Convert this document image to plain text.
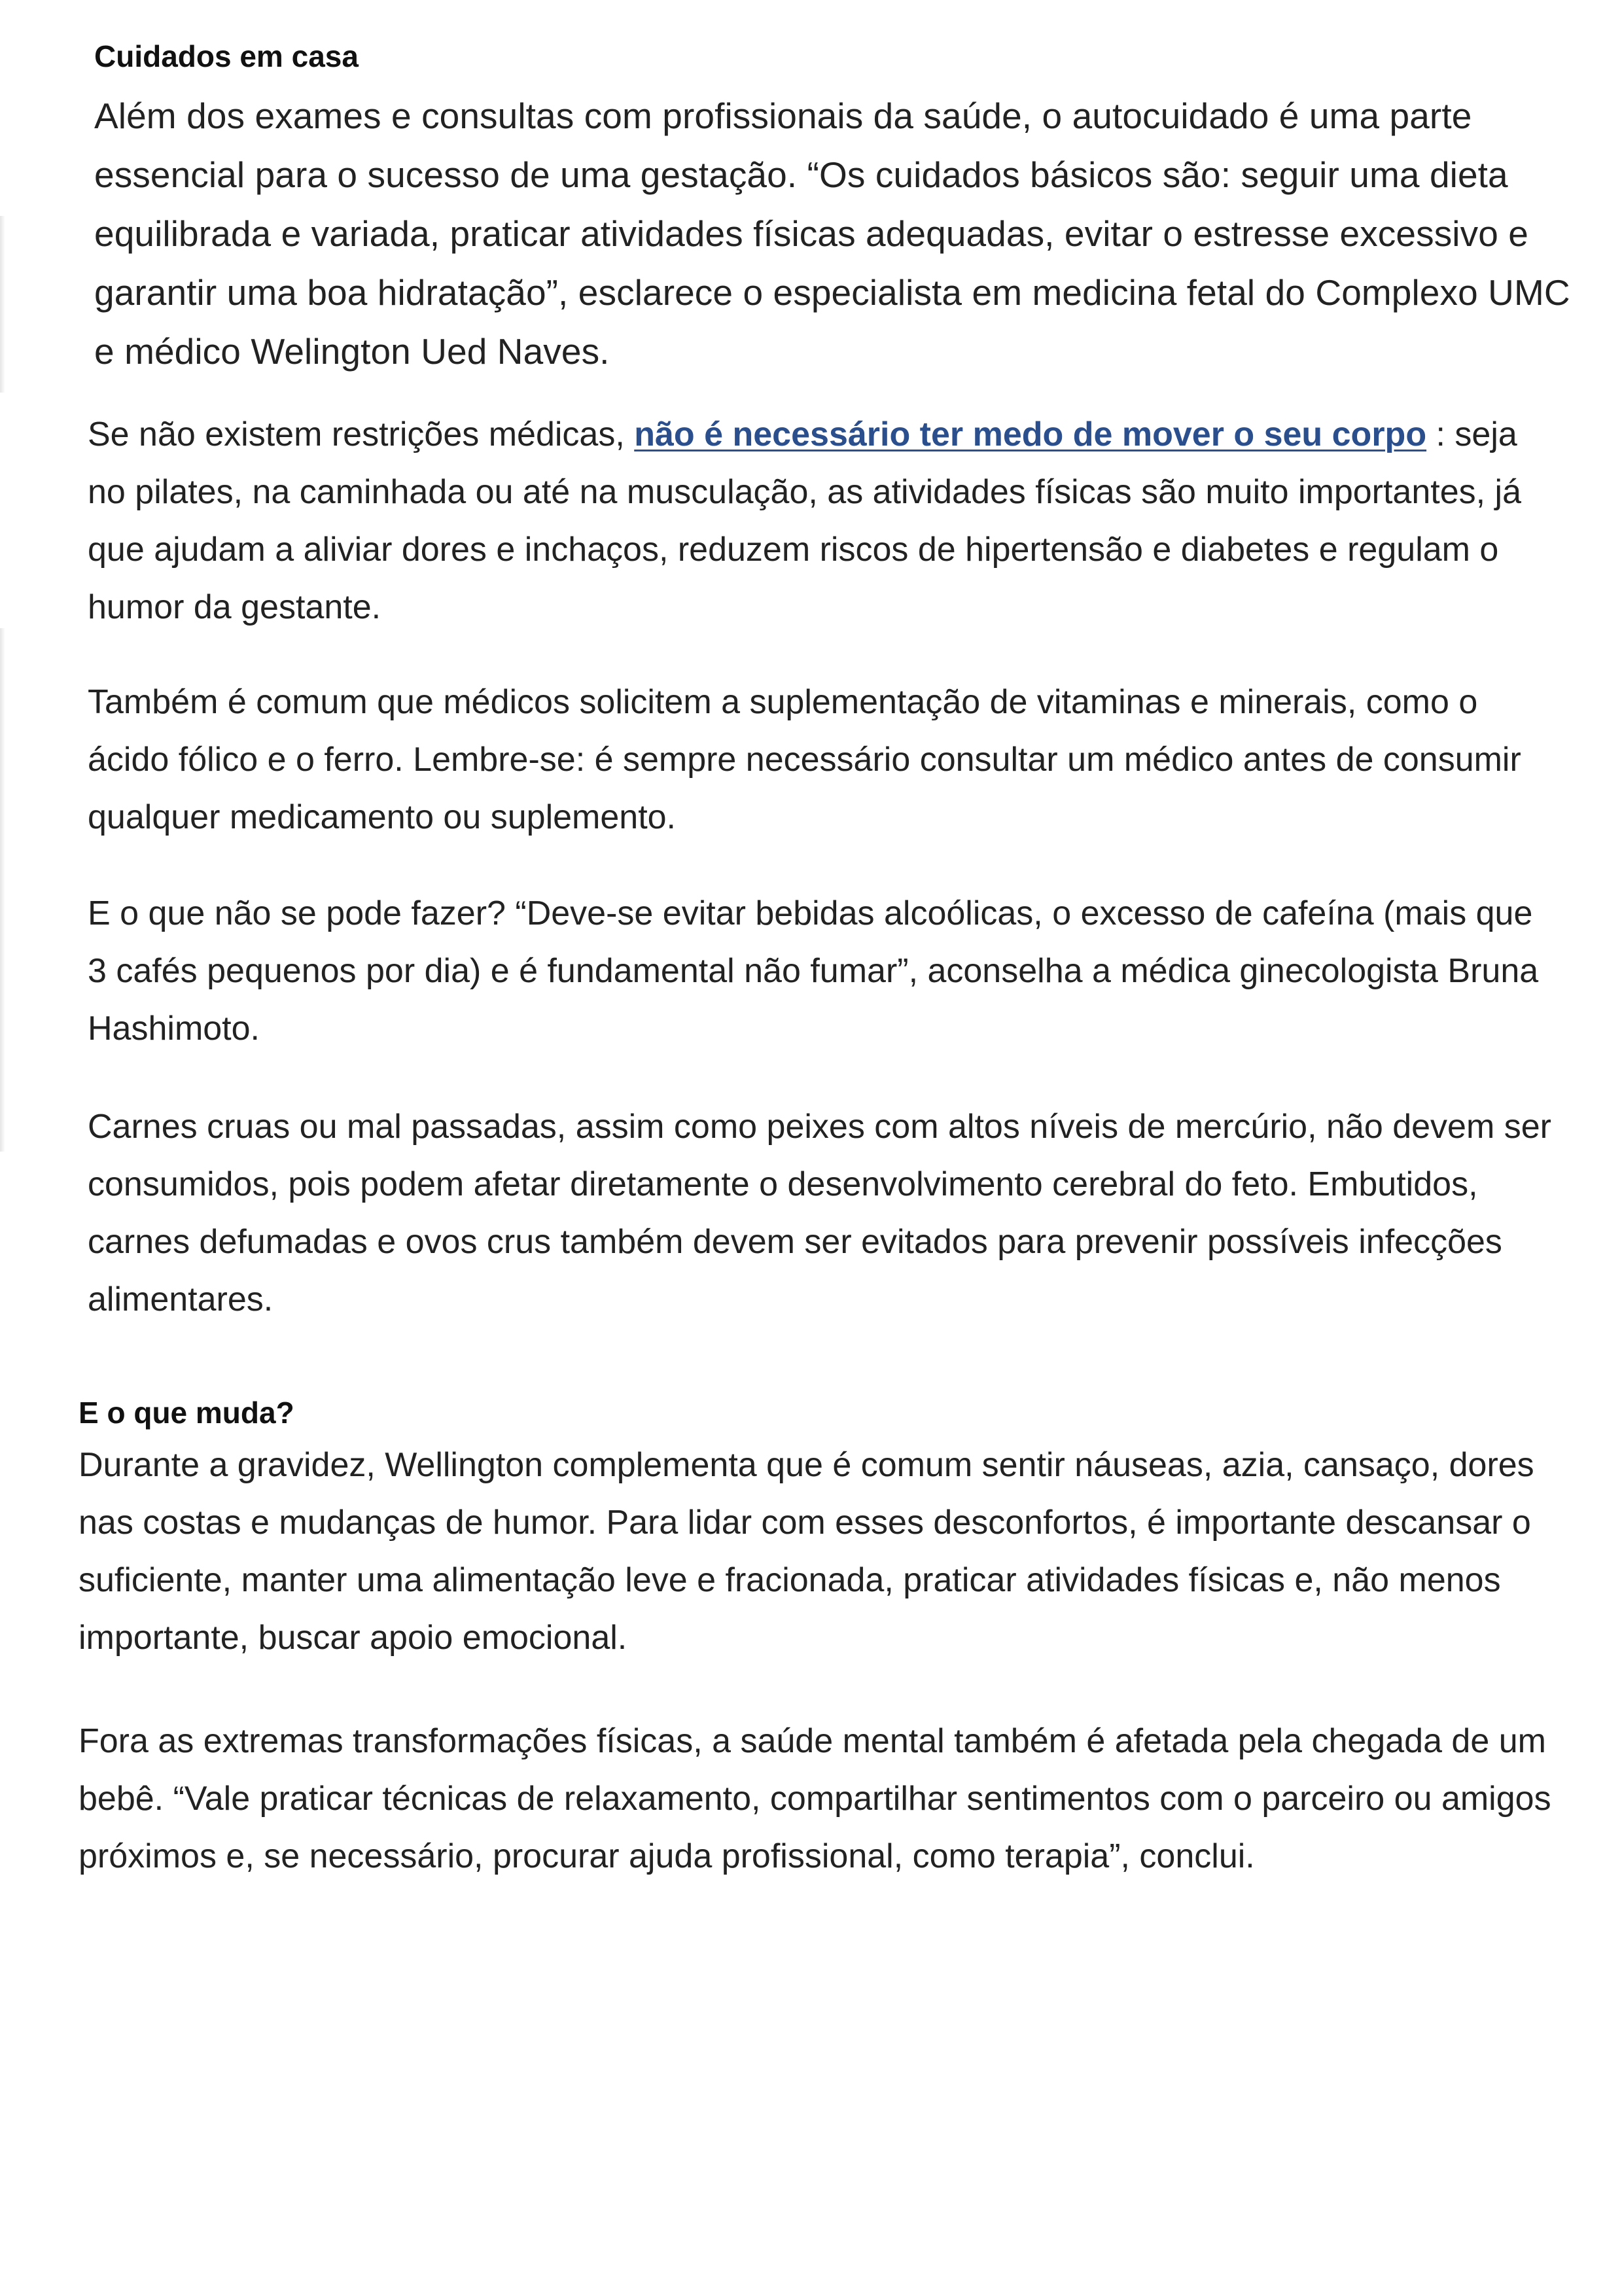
Cuidados em casa

Além dos exames e consultas com profissionais da saúde, o autocuidado é uma parte essencial para o sucesso de uma gestação. “Os cuidados básicos são: seguir uma dieta equilibrada e variada, praticar atividades físicas adequadas, evitar o estresse excessivo e garantir uma boa hidratação”, esclarece o especialista em medicina fetal do Complexo UMC e médico Welington Ued Naves.

Se não existem restrições médicas, não é necessário ter medo de mover o seu corpo : seja no pilates, na caminhada ou até na musculação, as atividades físicas são muito importantes, já que ajudam a aliviar dores e inchaços, reduzem riscos de hipertensão e diabetes e regulam o humor da gestante.

Também é comum que médicos solicitem a suplementação de vitaminas e minerais, como o ácido fólico e o ferro. Lembre-se: é sempre necessário consultar um médico antes de consumir qualquer medicamento ou suplemento.

E o que não se pode fazer? “Deve-se evitar bebidas alcoólicas, o excesso de cafeína (mais que 3 cafés pequenos por dia) e é fundamental não fumar”, aconselha a médica ginecologista Bruna Hashimoto.

Carnes cruas ou mal passadas, assim como peixes com altos níveis de mercúrio, não devem ser consumidos, pois podem afetar diretamente o desenvolvimento cerebral do feto. Embutidos, carnes defumadas e ovos crus também devem ser evitados para prevenir possíveis infecções alimentares.

E o que muda?

Durante a gravidez, Wellington complementa que é comum sentir náuseas, azia, cansaço, dores nas costas e mudanças de humor. Para lidar com esses desconfortos, é importante descansar o suficiente, manter uma alimentação leve e fracionada, praticar atividades físicas e, não menos importante, buscar apoio emocional.

Fora as extremas transformações físicas, a saúde mental também é afetada pela chegada de um bebê. “Vale praticar técnicas de relaxamento, compartilhar sentimentos com o parceiro ou amigos próximos e, se necessário, procurar ajuda profissional, como terapia”, conclui.
